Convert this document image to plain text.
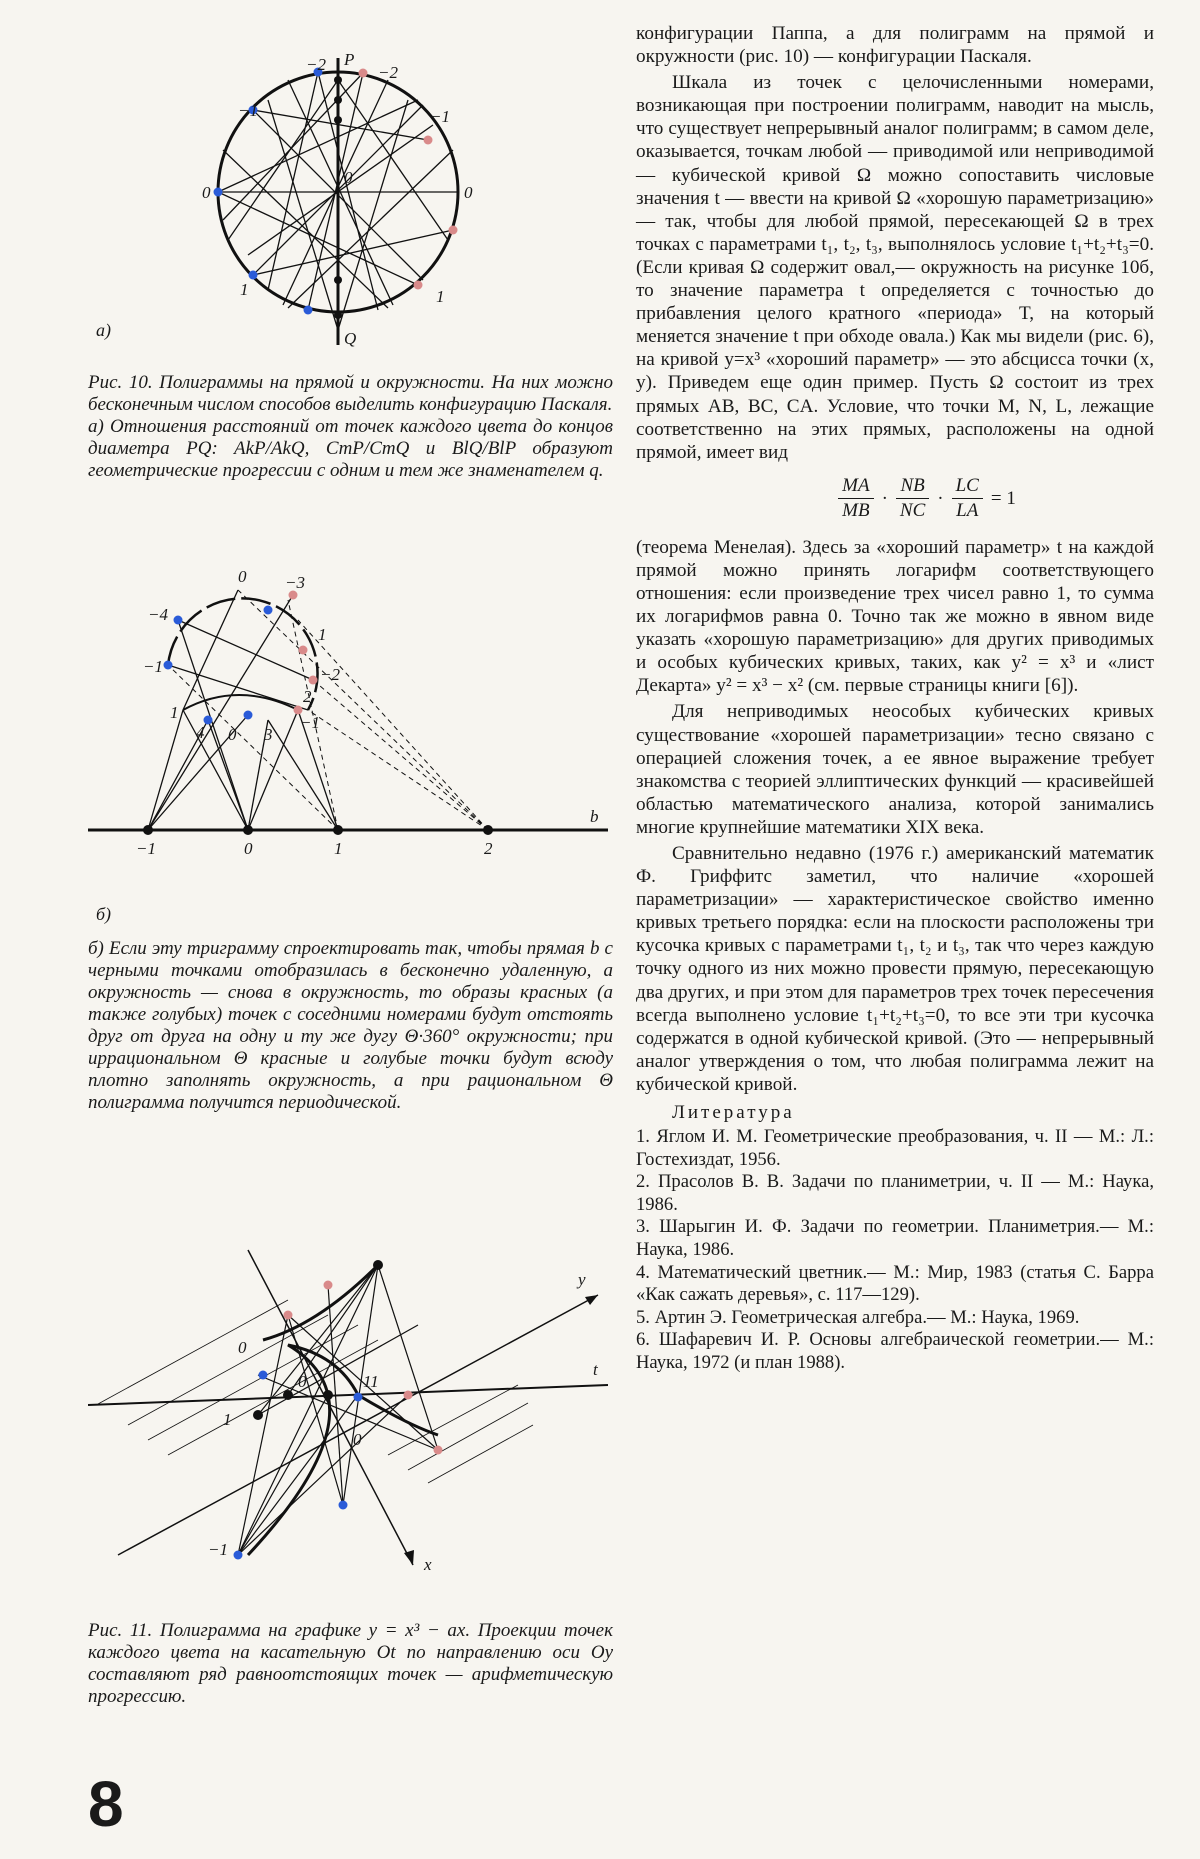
P
Q
−2	−2
−1	−1
0	0
0
1	1
а)

Рис. 10. Полиграммы на прямой и окружности. На них можно бесконечным числом способов выделить конфигурацию Паскаля.

а) Отношения расстояний от точек каждого цвета до концов диаметра PQ: AkP/AkQ, CmP/CmQ и BlQ/BlP образуют геометрические прогрессии с одним и тем же знаменателем q.

0 −3
−4
1
−1	−2
2
1
4 0 3
−1
b
−1	0	1	2
б)

б) Если эту триграмму спроектировать так, чтобы прямая b с черными точками отобразилась в бесконечно удаленную, а окружность — снова в окружность, то образы красных (а также голубых) точек с соседними номерами будут отстоять друг от друга на одну и ту же дугу Θ·360° окружности; при иррациональном Θ красные и голубые точки будут всюду плотно заполнять окружность, а при рациональном Θ полиграмма получится периодической.

y
t
x
0
1
0	11
0
−1

Рис. 11. Полиграмма на графике y = x³ − ax. Проекции точек каждого цвета на касательную Ot по направлению оси Oy составляют ряд равноотстоящих точек — арифметическую прогрессию.

конфигурации Паппа, а для полиграмм на прямой и окружности (рис. 10) — конфигурации Паскаля.

Шкала из точек с целочисленными номерами, возникающая при построении полиграмм, наводит на мысль, что существует непрерывный аналог полиграмм; в самом деле, оказывается, точкам любой — приводимой или неприводимой — кубической кривой Ω можно сопоставить числовые значения t — ввести на кривой Ω «хорошую параметризацию» — так, чтобы для любой прямой, пересекающей Ω в трех точках с параметрами t₁, t₂, t₃, выполнялось условие t₁+t₂+t₃=0. (Если кривая Ω содержит овал,— окружность на рисунке 10б, то значение параметра t определяется с точностью до прибавления целого кратного «периода» T, на который меняется значение t при обходе овала.) Как мы видели (рис. 6), на кривой y=x³ «хороший параметр» — это абсцисса точки (x, y). Приведем еще один пример. Пусть Ω состоит из трех прямых AB, BC, CA. Условие, что точки M, N, L, лежащие соответственно на этих прямых, расположены на одной прямой, имеет вид

$\frac{MA}{MB} \cdot \frac{NB}{NC} \cdot \frac{LC}{LA} = 1$

(теорема Менелая). Здесь за «хороший параметр» t на каждой прямой можно принять логарифм соответствующего отношения: если произведение трех чисел равно 1, то сумма их логарифмов равна 0. Точно так же можно в явном виде указать «хорошую параметризацию» для других приводимых и особых кубических кривых, таких, как y² = x³ и «лист Декарта» y² = x³ − x² (см. первые страницы книги [6]).

Для неприводимых неособых кубических кривых существование «хорошей параметризации» тесно связано с операцией сложения точек, а ее явное выражение требует знакомства с теорией эллиптических функций — красивейшей областью математического анализа, которой занимались многие крупнейшие математики XIX века.

Сравнительно недавно (1976 г.) американский математик Ф. Гриффитс заметил, что наличие «хорошей параметризации» — характеристическое свойство именно кривых третьего порядка: если на плоскости расположены три кусочка кривых с параметрами t₁, t₂ и t₃, так что через каждую точку одного из них можно провести прямую, пересекающую два других, и при этом для параметров трех точек пересечения всегда выполнено условие t₁+t₂+t₃=0, то все эти три кусочка содержатся в одной кубической кривой. (Это — непрерывный аналог утверждения о том, что любая полиграмма лежит на кубической кривой.

Литература
1. Яглом И. М. Геометрические преобразования, ч. II — М.: Л.: Гостехиздат, 1956.
2. Прасолов В. В. Задачи по планиметрии, ч. II — М.: Наука, 1986.
3. Шарыгин И. Ф. Задачи по геометрии. Планиметрия.— М.: Наука, 1986.
4. Математический цветник.— М.: Мир, 1983 (статья С. Барра «Как сажать деревья», с. 117—129).
5. Артин Э. Геометрическая алгебра.— М.: Наука, 1969.
6. Шафаревич И. Р. Основы алгебраической геометрии.— М.: Наука, 1972 (и план 1988).
8
